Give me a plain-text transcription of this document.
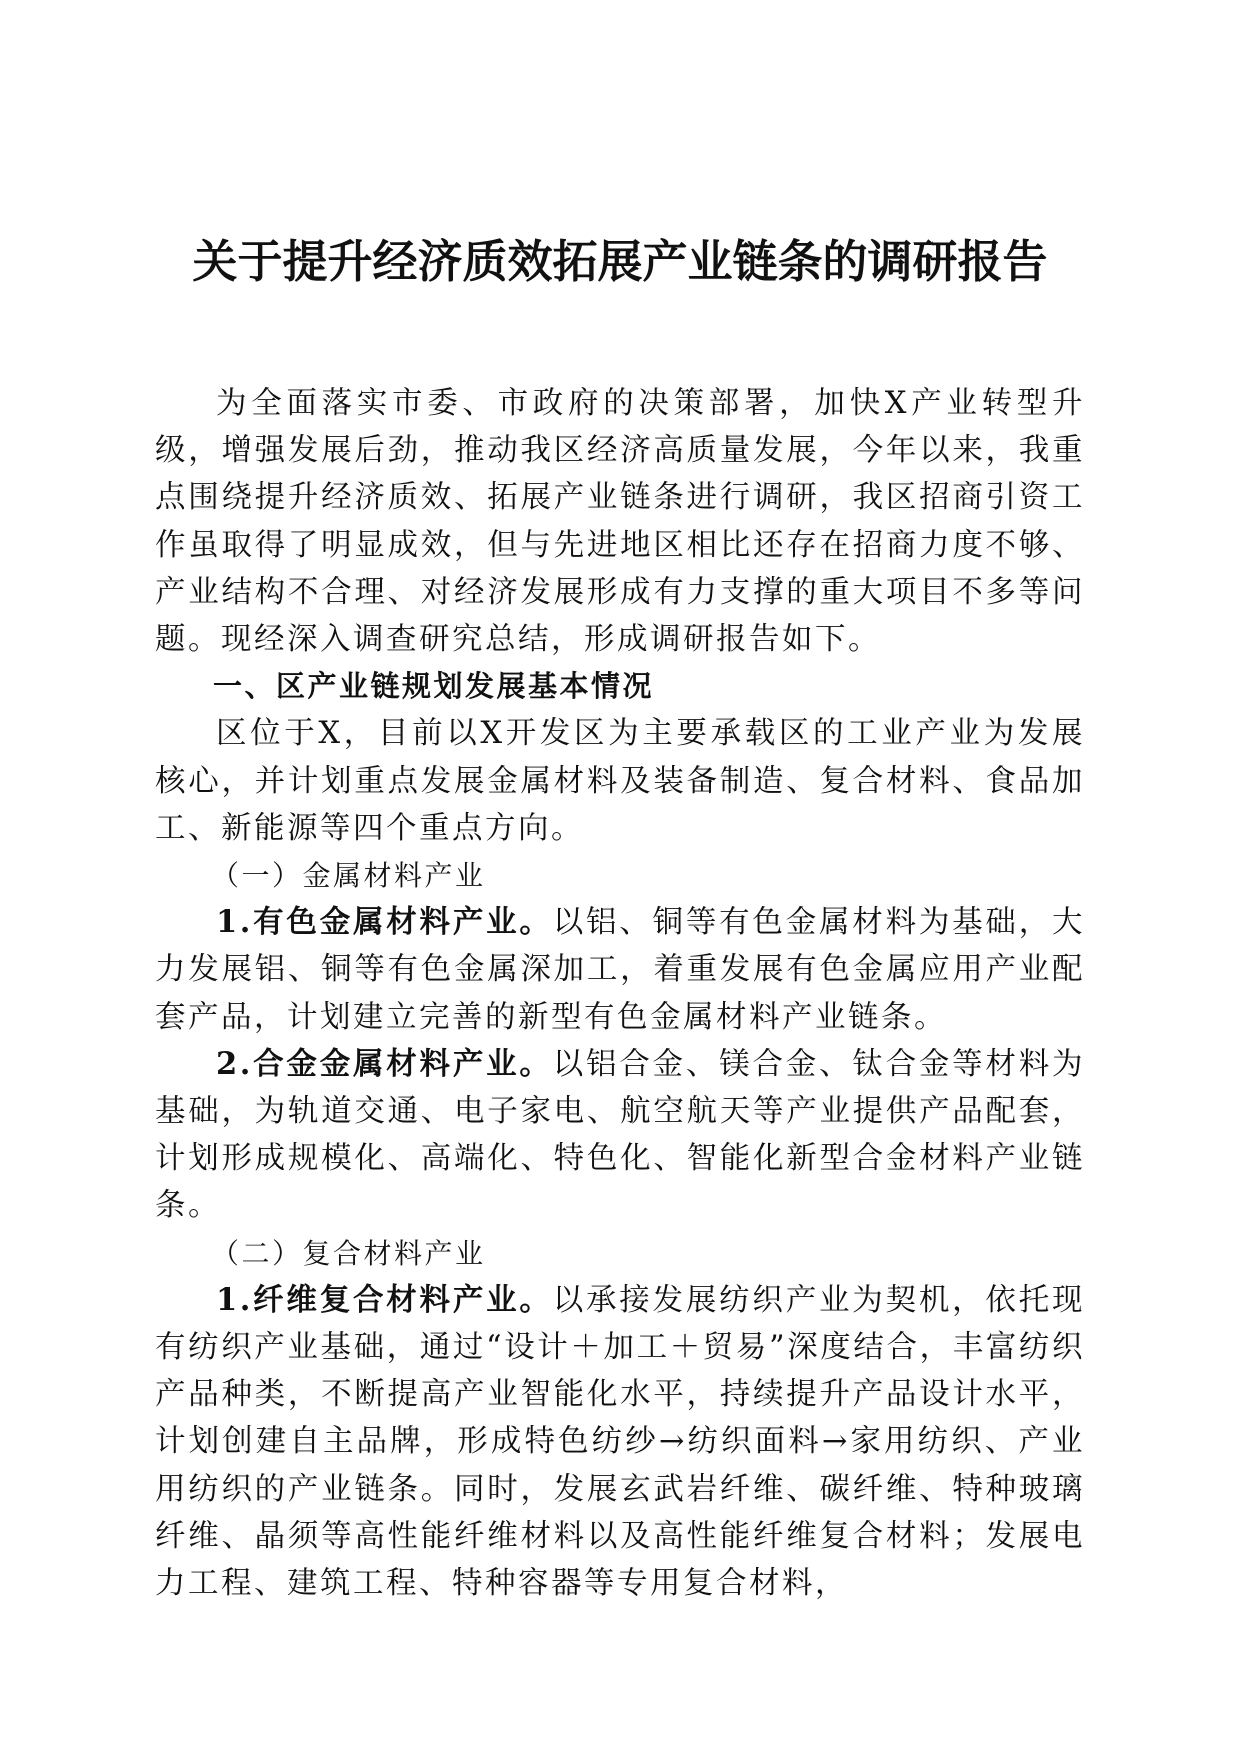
关于提升经济质效拓展产业链条的调研报告

为全面落实市委、市政府的决策部署，加快X产业转型升级，增强发展后劲，推动我区经济高质量发展，今年以来，我重点围绕提升经济质效、拓展产业链条进行调研，我区招商引资工作虽取得了明显成效，但与先进地区相比还存在招商力度不够、产业结构不合理、对经济发展形成有力支撑的重大项目不多等问题。现经深入调查研究总结，形成调研报告如下。

一、区产业链规划发展基本情况

区位于X，目前以X开发区为主要承载区的工业产业为发展核心，并计划重点发展金属材料及装备制造、复合材料、食品加工、新能源等四个重点方向。

（一）金属材料产业

1.有色金属材料产业。以铝、铜等有色金属材料为基础，大力发展铝、铜等有色金属深加工，着重发展有色金属应用产业配套产品，计划建立完善的新型有色金属材料产业链条。

2.合金金属材料产业。以铝合金、镁合金、钛合金等材料为基础，为轨道交通、电子家电、航空航天等产业提供产品配套，计划形成规模化、高端化、特色化、智能化新型合金材料产业链条。

（二）复合材料产业

1.纤维复合材料产业。以承接发展纺织产业为契机，依托现有纺织产业基础，通过“设计＋加工＋贸易”深度结合，丰富纺织产品种类，不断提高产业智能化水平，持续提升产品设计水平，计划创建自主品牌，形成特色纺纱→纺织面料→家用纺织、产业用纺织的产业链条。同时，发展玄武岩纤维、碳纤维、特种玻璃纤维、晶须等高性能纤维材料以及高性能纤维复合材料；发展电力工程、建筑工程、特种容器等专用复合材料，
